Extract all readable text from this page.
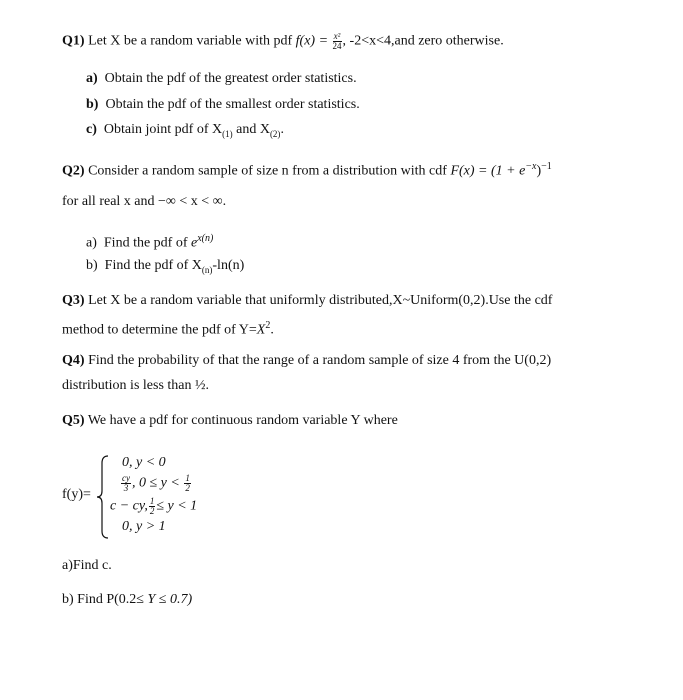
Q1) Let X be a random variable with pdf $f(x) = \frac{\text{x²}}{24}$ , -2<x<4,and zero otherwise.
a) Obtain the pdf of the greatest order statistics.
b) Obtain the pdf of the smallest order statistics.
c) Obtain joint pdf of $X_{(1)}$ and $X_{(2)}$.
Q2) Consider a random sample of size n from a distribution with cdf $F(x) = (1 + e^{-x})^{-1}$
for all real x and −∞ < x < ∞.
a) Find the pdf of $e^{x(n)}$
b) Find the pdf of $X_{(n)}-\ln(n)$
Q3) Let X be a random variable that uniformly distributed,X~Uniform(0,2).Use the cdf
method to determine the pdf of $Y=X^2$.
Q4) Find the probability of that the range of a random sample of size 4 from the U(0,2)
distribution is less than ½.
Q5) We have a pdf for continuous random variable Y where
f(y)=
0, y < 0
$\frac{cy}{3}$ , $0 \le y < \frac{1}{2}$
c − cy, $\frac{1}{2} \le y < 1$
0, y > 1
a)Find c.
b) Find P(0.2≤ Y ≤ 0.7)
